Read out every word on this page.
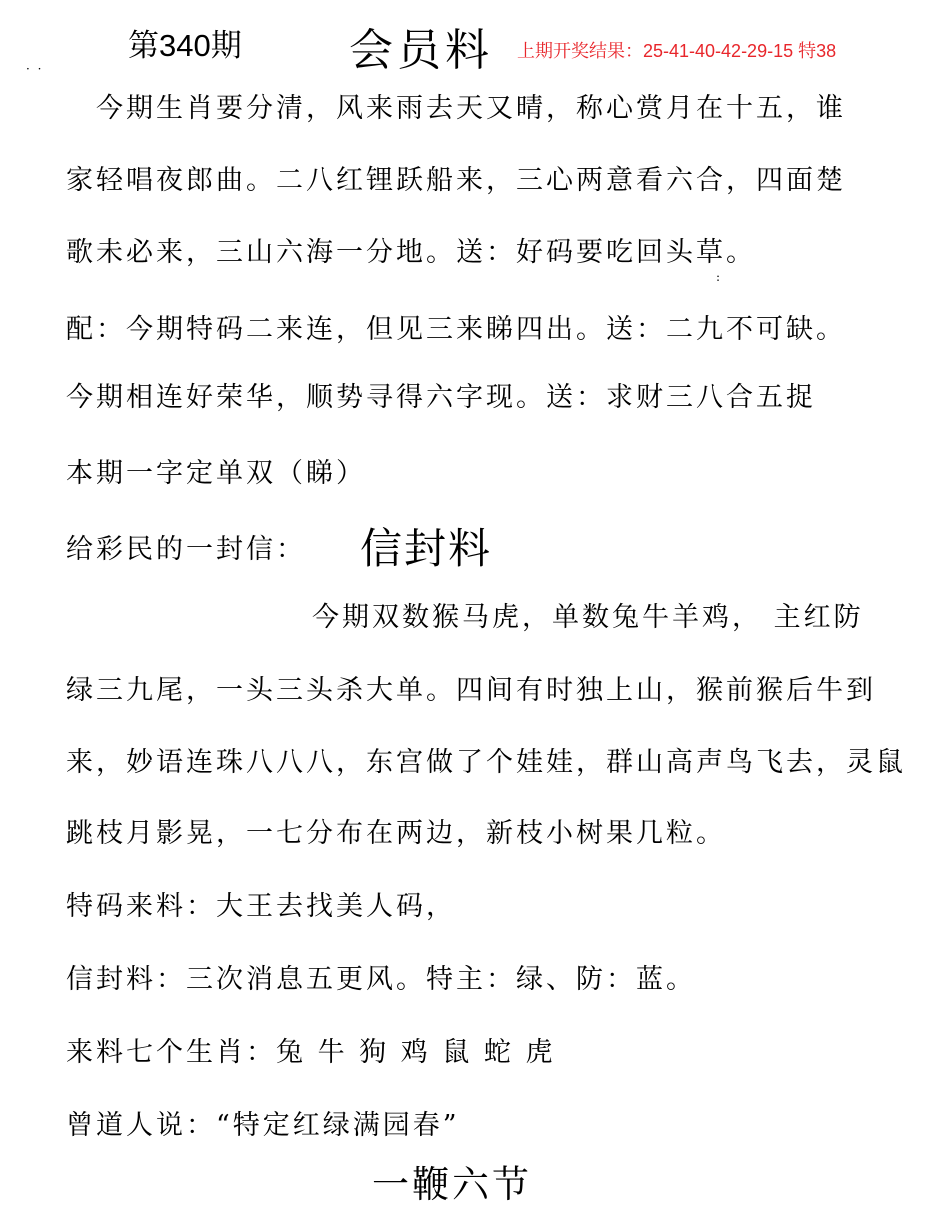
第340期 会员料 上期开奖结果：25-41-40-42-29-15 特38
· ·
:
今期生肖要分清，风来雨去天又晴，称心赏月在十五，谁
家轻唱夜郎曲。二八红锂跃船来，三心两意看六合，四面楚
歌未必来，三山六海一分地。送：好码要吃回头草。
配：今期特码二来连，但见三来睇四出。送：二九不可缺。
今期相连好荣华，顺势寻得六字现。送：求财三八合五捉
本期一字定单双（睇）
给彩民的一封信： 信封料
今期双数猴马虎，单数兔牛羊鸡， 主红防
绿三九尾，一头三头杀大单。四间有时独上山，猴前猴后牛到
来，妙语连珠八八八，东宫做了个娃娃，群山高声鸟飞去，灵鼠
跳枝月影晃，一七分布在两边，新枝小树果几粒。
特码来料：大王去找美人码，
信封料：三次消息五更风。特主：绿、防：蓝。
来料七个生肖：兔 牛 狗 鸡 鼠 蛇 虎
曾道人说：“特定红绿满园春”
一鞭六节
